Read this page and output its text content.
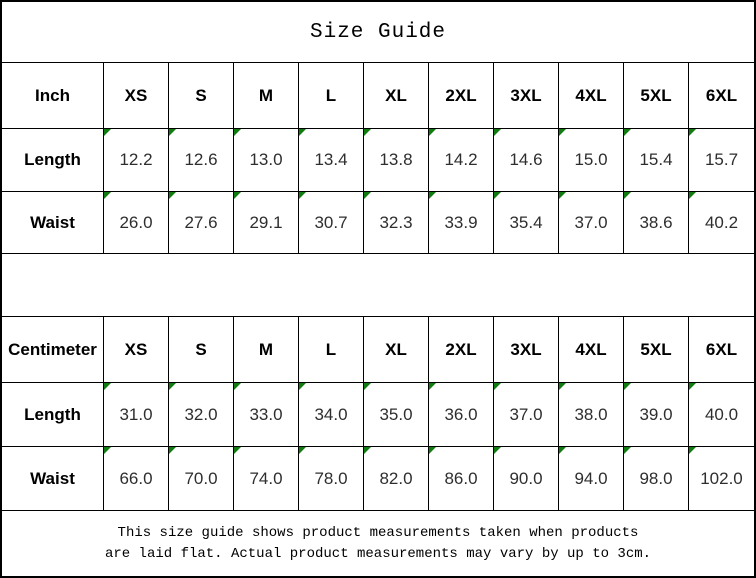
Size Guide
Inch	XS	S	M	L	XL	2XL	3XL	4XL	5XL	6XL
Length	12.2 12.6 13.0 13.4 13.8 14.2 14.6 15.0 15.4 15.7
Waist	26.0 27.6 29.1 30.7 32.3 33.9 35.4 37.0 38.6 40.2
Centimeter	XS	S	M	L	XL	2XL	3XL	4XL	5XL	6XL
Length	31.0 32.0 33.0 34.0 35.0 36.0 37.0 38.0 39.0 40.0
Waist	66.0 70.0 74.0 78.0 82.0 86.0 90.0 94.0 98.0 102.0
This size guide shows product measurements taken when products
are laid flat. Actual product measurements may vary by up to 3cm.
